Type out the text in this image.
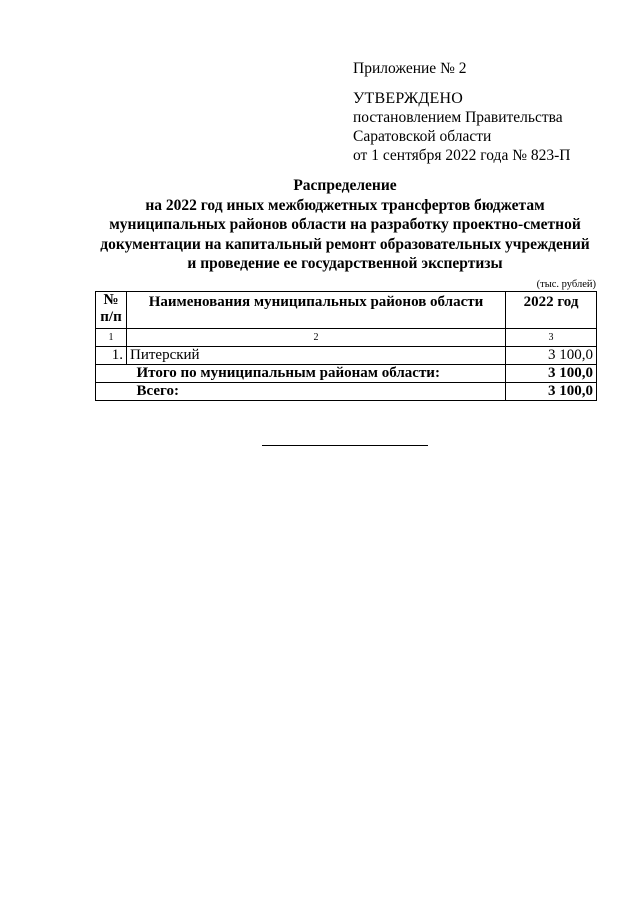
Приложение № 2
УТВЕРЖДЕНО
постановлением Правительства
Саратовской области
от 1 сентября 2022 года № 823-П
Распределение
на 2022 год иных межбюджетных трансфертов бюджетам
муниципальных районов области на разработку проектно-сметной
документации на капитальный ремонт образовательных учреждений
и проведение ее государственной экспертизы
(тыс. рублей)
№
п/п	Наименования муниципальных районов области	2022 год
1	2	3
1.	Питерский	3 100,0
	Итого по муниципальным районам области:	3 100,0
	Всего:	3 100,0
